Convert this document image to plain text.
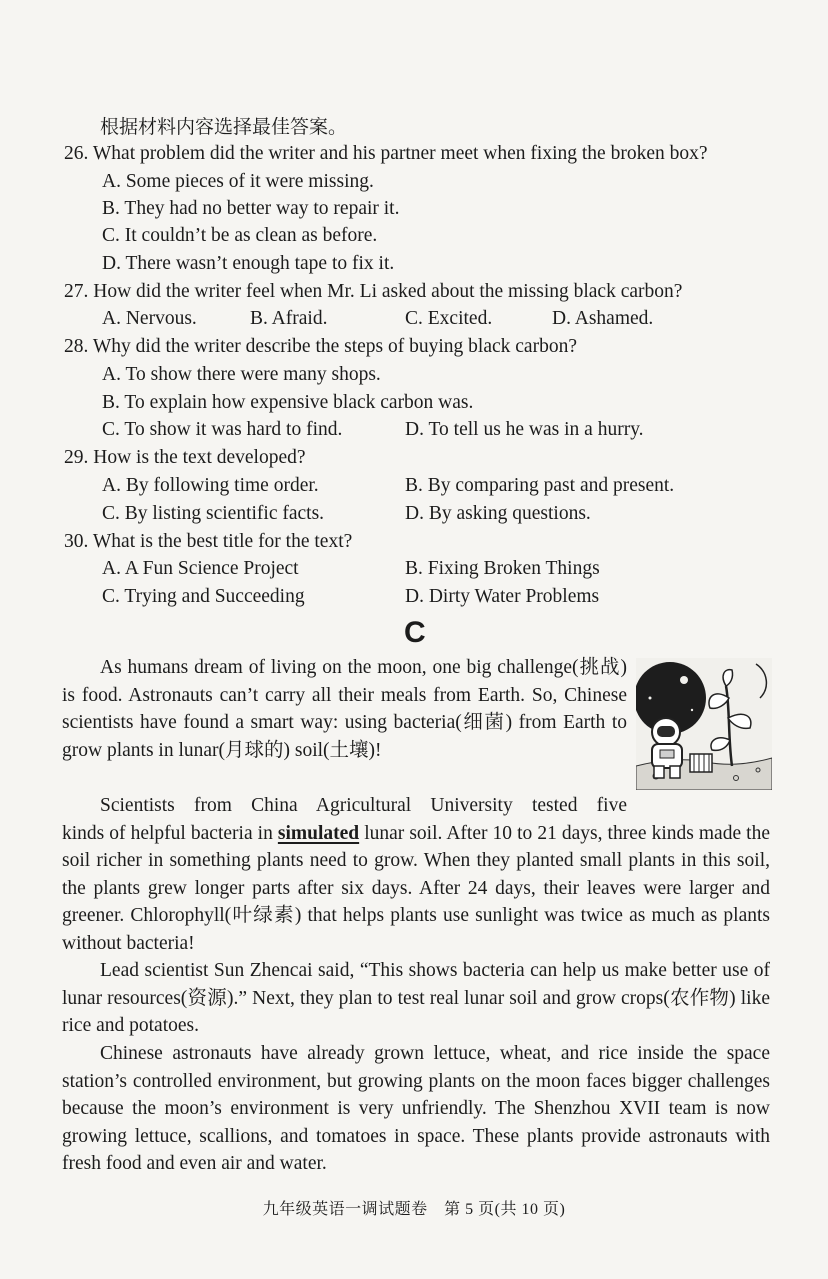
根据材料内容选择最佳答案。
26. What problem did the writer and his partner meet when fixing the broken box?
A. Some pieces of it were missing.
B. They had no better way to repair it.
C. It couldn’t be as clean as before.
D. There wasn’t enough tape to fix it.
27. How did the writer feel when Mr. Li asked about the missing black carbon?
A. Nervous.	B. Afraid.	C. Excited.	D. Ashamed.
28. Why did the writer describe the steps of buying black carbon?
A. To show there were many shops.
B. To explain how expensive black carbon was.
C. To show it was hard to find.	D. To tell us he was in a hurry.
29. How is the text developed?
A. By following time order.	B. By comparing past and present.
C. By listing scientific facts.	D. By asking questions.
30. What is the best title for the text?
A. A Fun Science Project	B. Fixing Broken Things
C. Trying and Succeeding	D. Dirty Water Problems
C
As humans dream of living on the moon, one big challenge(挑战) is food. Astronauts can’t carry all their meals from Earth. So, Chinese scientists have found a smart way: using bacteria(细菌) from Earth to grow plants in lunar(月球的) soil(土壤)!
Scientists from China Agricultural University tested five
kinds of helpful bacteria in simulated lunar soil. After 10 to 21 days, three kinds made the soil richer in something plants need to grow. When they planted small plants in this soil, the plants grew longer parts after six days. After 24 days, their leaves were larger and greener. Chlorophyll(叶绿素) that helps plants use sunlight was twice as much as plants without bacteria!
Lead scientist Sun Zhencai said, “This shows bacteria can help us make better use of lunar resources(资源).” Next, they plan to test real lunar soil and grow crops(农作物) like rice and potatoes.
Chinese astronauts have already grown lettuce, wheat, and rice inside the space station’s controlled environment, but growing plants on the moon faces bigger challenges because the moon’s environment is very unfriendly. The Shenzhou XVII team is now growing lettuce, scallions, and tomatoes in space. These plants provide astronauts with fresh food and even air and water.
九年级英语一调试题卷 第 5 页(共 10 页)
